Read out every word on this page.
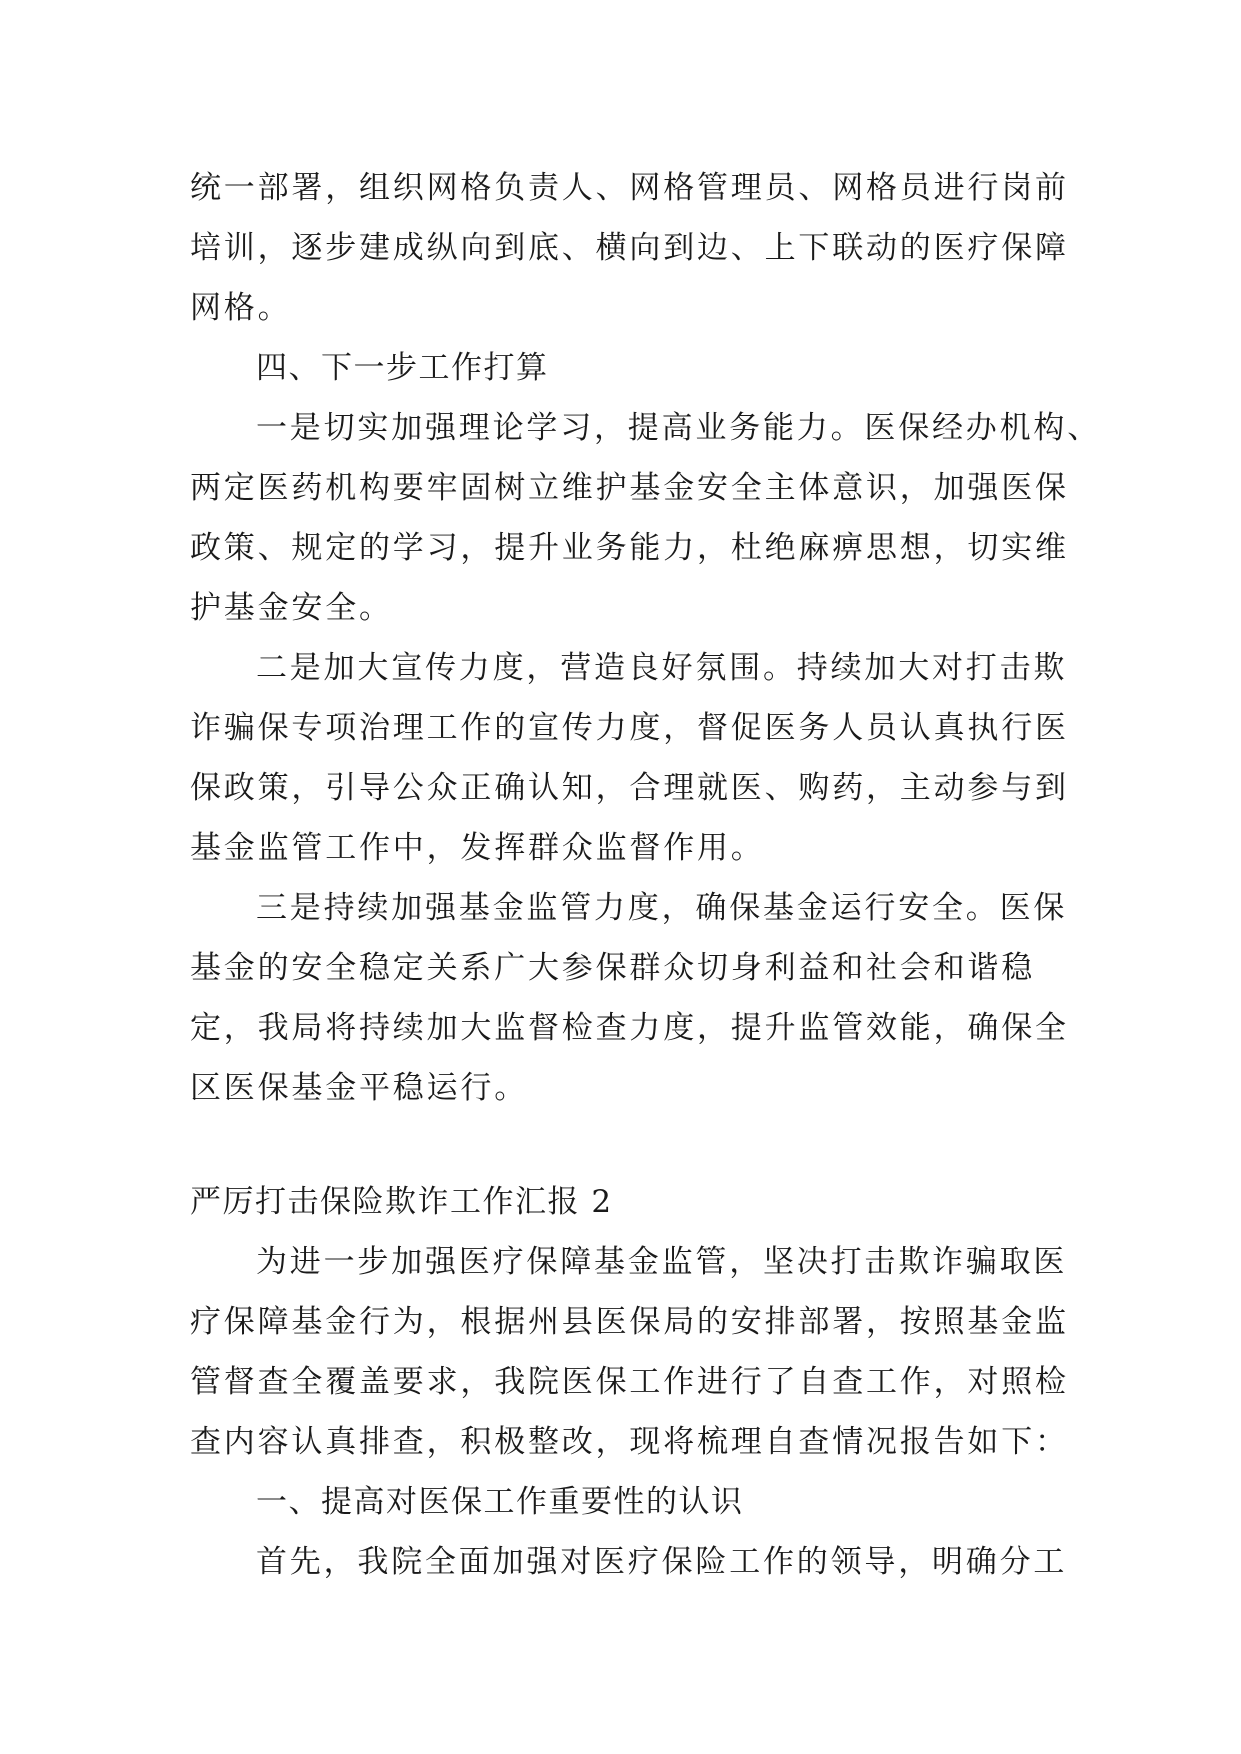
统一部署，组织网格负责人、网格管理员、网格员进行岗前
培训，逐步建成纵向到底、横向到边、上下联动的医疗保障
网格。
四、下一步工作打算
一是切实加强理论学习，提高业务能力。医保经办机构、
两定医药机构要牢固树立维护基金安全主体意识，加强医保
政策、规定的学习，提升业务能力，杜绝麻痹思想，切实维
护基金安全。
二是加大宣传力度，营造良好氛围。持续加大对打击欺
诈骗保专项治理工作的宣传力度，督促医务人员认真执行医
保政策，引导公众正确认知，合理就医、购药，主动参与到
基金监管工作中，发挥群众监督作用。
三是持续加强基金监管力度，确保基金运行安全。医保
基金的安全稳定关系广大参保群众切身利益和社会和谐稳
定，我局将持续加大监督检查力度，提升监管效能，确保全
区医保基金平稳运行。
严厉打击保险欺诈工作汇报 2
为进一步加强医疗保障基金监管，坚决打击欺诈骗取医
疗保障基金行为，根据州县医保局的安排部署，按照基金监
管督查全覆盖要求，我院医保工作进行了自查工作，对照检
查内容认真排查，积极整改，现将梳理自查情况报告如下：
一、提高对医保工作重要性的认识
首先，我院全面加强对医疗保险工作的领导，明确分工
